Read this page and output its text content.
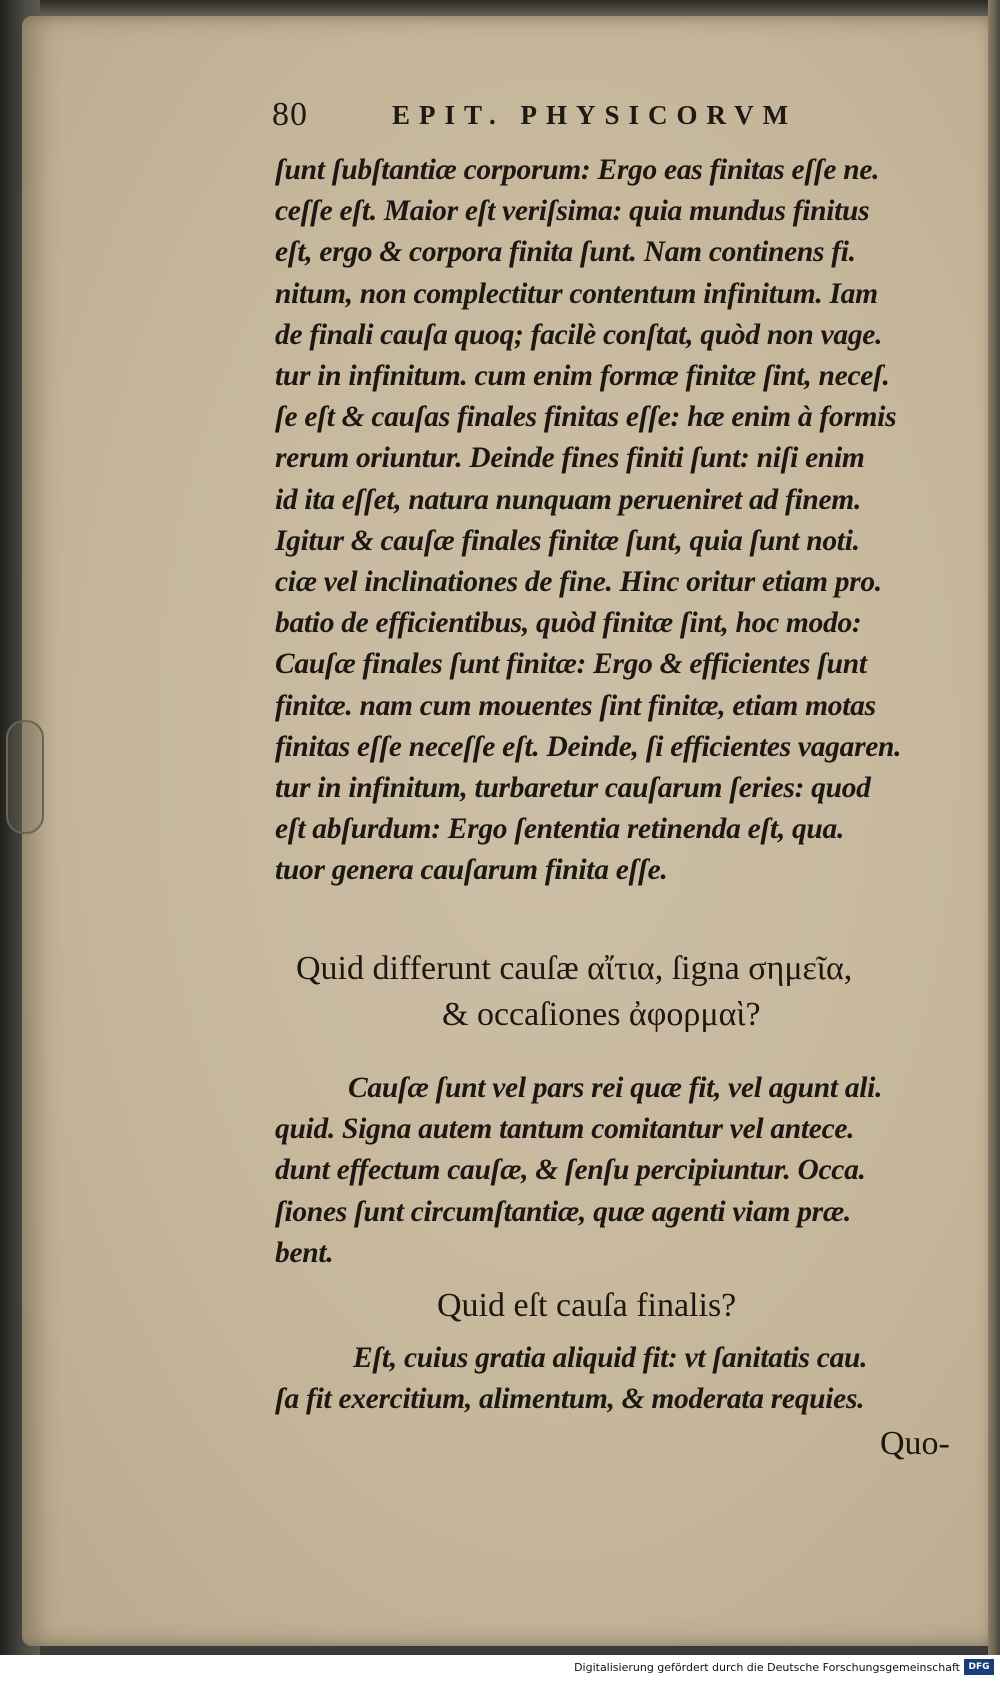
80	EPIT. PHYSICORVM
ſunt ſubſtantiæ corporum: Ergo eas finitas eſſe ne.
ceſſe eſt. Maior eſt veriſsima: quia mundus finitus
eſt, ergo & corpora finita ſunt. Nam continens fi.
nitum, non complectitur contentum infinitum. Iam
de finali cauſa quoq; facilè conſtat, quòd non vage.
tur in infinitum. cum enim formæ finitæ ſint, neceſ.
ſe eſt & cauſas finales finitas eſſe: hæ enim à formis
rerum oriuntur. Deinde fines finiti ſunt: niſi enim
id ita eſſet, natura nunquam perueniret ad finem.
Igitur & cauſæ finales finitæ ſunt, quia ſunt noti.
ciæ vel inclinationes de fine. Hinc oritur etiam pro.
batio de efficientibus, quòd finitæ ſint, hoc modo:
Cauſæ finales ſunt finitæ: Ergo & efficientes ſunt
finitæ. nam cum mouentes ſint finitæ, etiam motas
finitas eſſe neceſſe eſt. Deinde, ſi efficientes vagaren.
tur in infinitum, turbaretur cauſarum ſeries: quod
eſt abſurdum: Ergo ſententia retinenda eſt, qua.
tuor genera cauſarum finita eſſe.
Quid differunt cauſæ αἴτια, ſigna σημεῖα,
& occaſiones ἀφορμαὶ?
Cauſæ ſunt vel pars rei quæ fit, vel agunt ali.
quid. Signa autem tantum comitantur vel antece.
dunt effectum cauſæ, & ſenſu percipiuntur. Occa.
ſiones ſunt circumſtantiæ, quæ agenti viam præ.
bent.
Quid eſt cauſa finalis?
Eſt, cuius gratia aliquid fit: vt ſanitatis cau.
ſa fit exercitium, alimentum, & moderata requies.
Quo-
Digitalisierung gefördert durch die Deutsche Forschungsgemeinschaft DFG
